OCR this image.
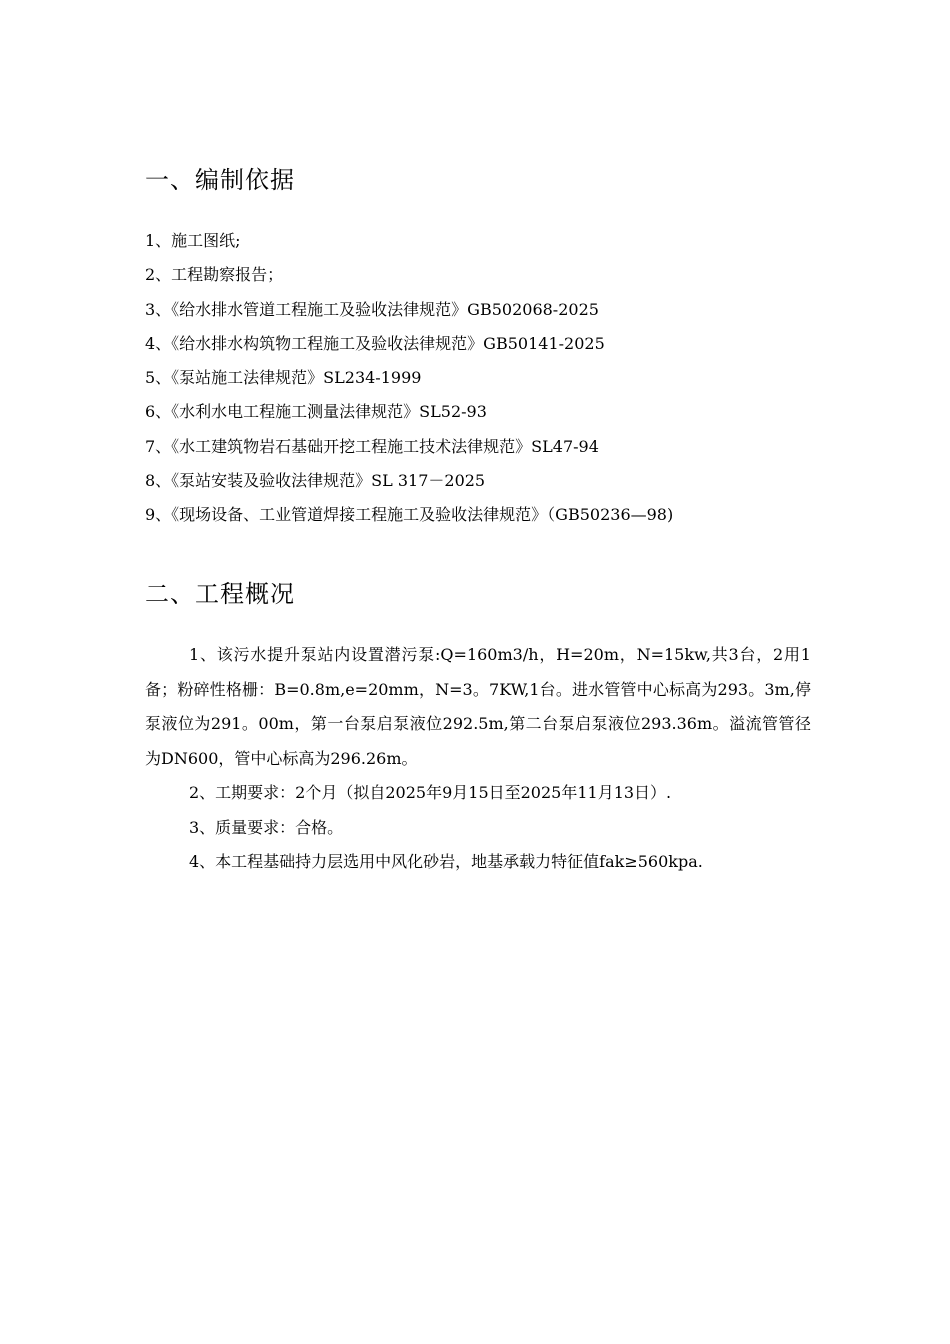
一、编制依据
1、施工图纸;
2、工程勘察报告；
3、《给水排水管道工程施工及验收法律规范》GB502068-2025
4、《给水排水构筑物工程施工及验收法律规范》GB50141-2025
5、《泵站施工法律规范》SL234-1999
6、《水利水电工程施工测量法律规范》SL52-93
7、《水工建筑物岩石基础开挖工程施工技术法律规范》SL47-94
8、《泵站安装及验收法律规范》SL 317－2025
9、《现场设备、工业管道焊接工程施工及验收法律规范》（GB50236—98)
二、工程概况

1、该污水提升泵站内设置潜污泵:Q=160m3/h，H=20m，N=15kw,共3台，2用1备；粉碎性格栅：B=0.8m,e=20mm，N=3。7KW,1台。进水管管中心标高为293。3m,停泵液位为291。00m，第一台泵启泵液位292.5m,第二台泵启泵液位293.36m。溢流管管径为DN600，管中心标高为296.26m。

2、工期要求：2个月（拟自2025年9月15日至2025年11月13日）.

3、质量要求：合格。

4、本工程基础持力层选用中风化砂岩，地基承载力特征值fak≥560kpa.
